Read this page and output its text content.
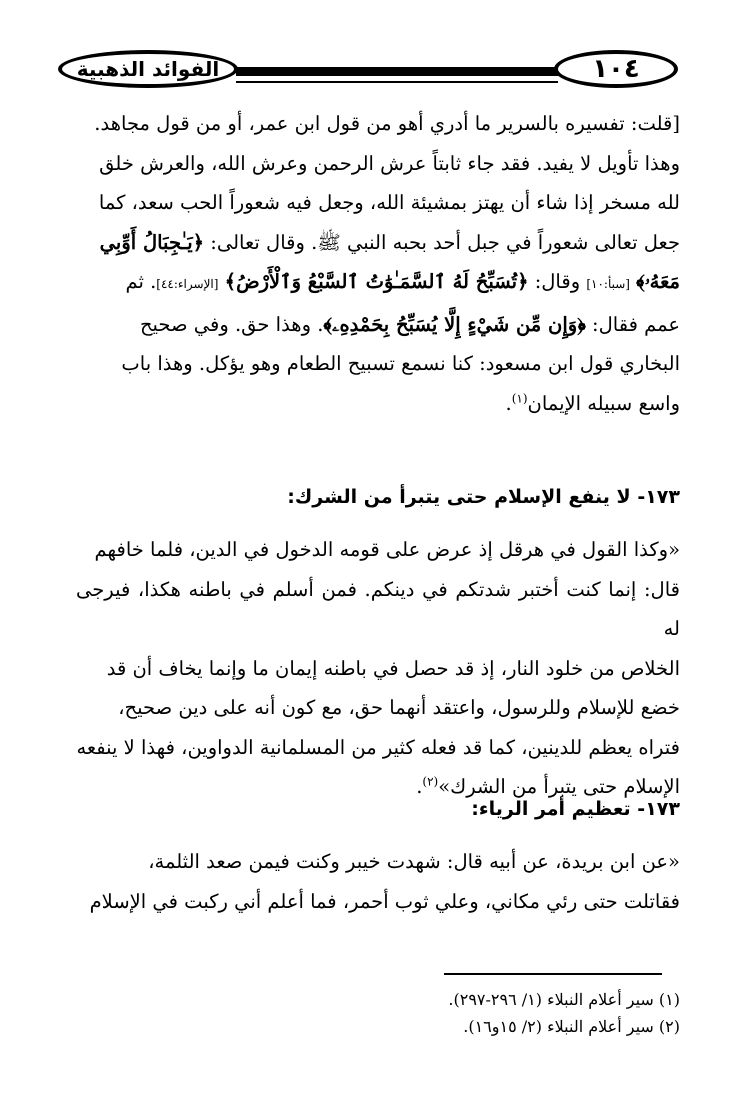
الفوائد الذهبية	١٠٤

[قلت: تفسيره بالسرير ما أدري أهو من قول ابن عمر، أو من قول مجاهد.

وهذا تأويل لا يفيد. فقد جاء ثابتاً عرش الرحمن وعرش الله، والعرش خلق

لله مسخر إذا شاء أن يهتز بمشيئة الله، وجعل فيه شعوراً الحب سعد، كما

جعل تعالى شعوراً في جبل أحد بحبه النبي ﷺ. وقال تعالى: ﴿يَـٰجِبَالُ أَوِّبِي

مَعَهُۥ﴾ [سبأ:١٠] وقال: ﴿تُسَبِّحُ لَهُ ٱلسَّمَـٰوَٰتُ ٱلسَّبْعُ وَٱلْأَرْضُ﴾ [الإسراء:٤٤]. ثم

عمم فقال: ﴿وَإِن مِّن شَيْءٍ إِلَّا يُسَبِّحُ بِحَمْدِهِۦ﴾. وهذا حق. وفي صحيح

البخاري قول ابن مسعود: كنا نسمع تسبيح الطعام وهو يؤكل. وهذا باب

واسع سبيله الإيمان$^{(١)}$.

١٧٣- لا ينفع الإسلام حتى يتبرأ من الشرك:

«وكذا القول في هرقل إذ عرض على قومه الدخول في الدين، فلما خافهم

قال: إنما كنت أختبر شدتكم في دينكم. فمن أسلم في باطنه هكذا، فيرجى له

الخلاص من خلود النار، إذ قد حصل في باطنه إيمان ما وإنما يخاف أن قد

خضع للإسلام وللرسول، واعتقد أنهما حق، مع كون أنه على دين صحيح،

فتراه يعظم للدينين، كما قد فعله كثير من المسلمانية الدواوين، فهذا لا ينفعه

الإسلام حتى يتبرأ من الشرك»$^{(٢)}$.

١٧٣- تعظيم أمر الرياء:

«عن ابن بريدة، عن أبيه قال: شهدت خيبر وكنت فيمن صعد الثلمة،

فقاتلت حتى رئي مكاني، وعلي ثوب أحمر، فما أعلم أني ركبت في الإسلام

(١) سير أعلام النبلاء (١/ ٢٩٦-٢٩٧).
(٢) سير أعلام النبلاء (٢/ ١٥و١٦).
